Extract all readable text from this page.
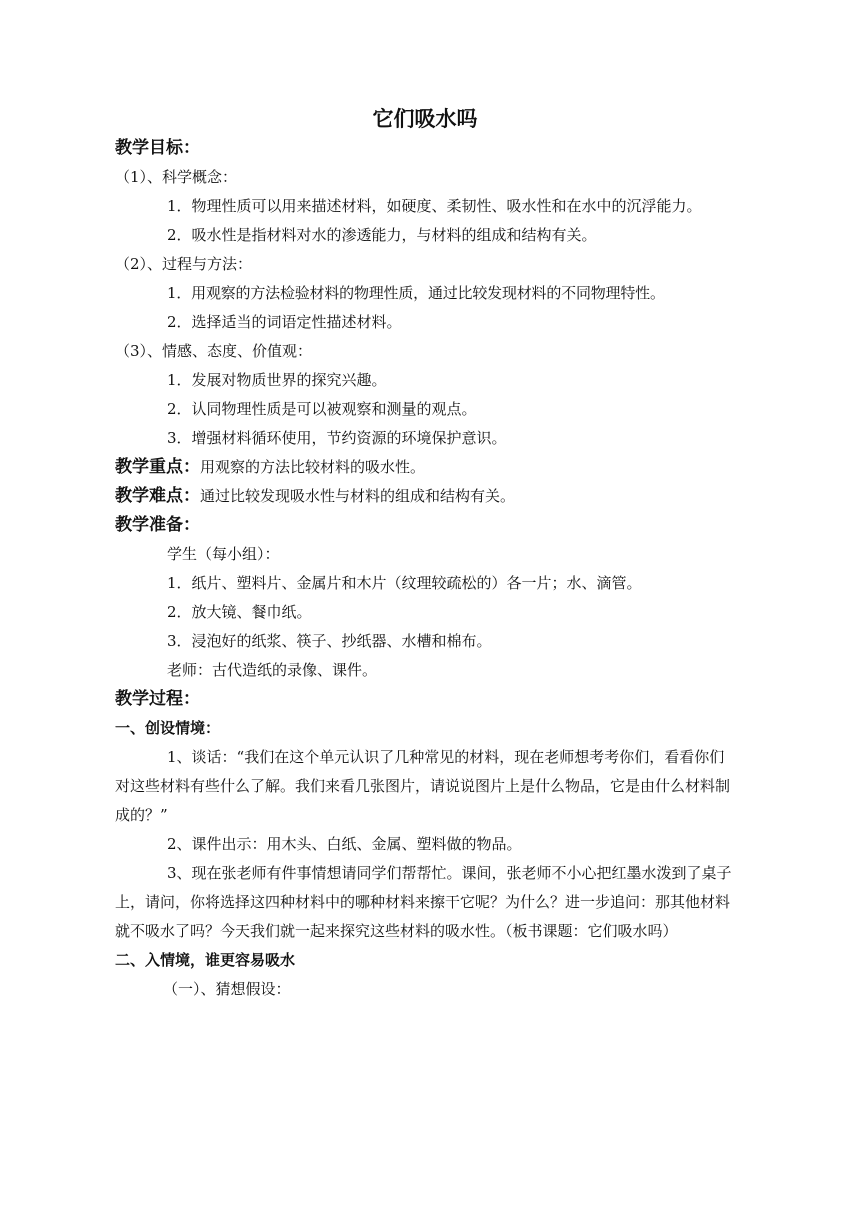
它们吸水吗
教学目标：
（1）、科学概念：
1．物理性质可以用来描述材料，如硬度、柔韧性、吸水性和在水中的沉浮能力。
2．吸水性是指材料对水的渗透能力，与材料的组成和结构有关。
（2）、过程与方法：
1．用观察的方法检验材料的物理性质，通过比较发现材料的不同物理特性。
2．选择适当的词语定性描述材料。
（3）、情感、态度、价值观：
1．发展对物质世界的探究兴趣。
2．认同物理性质是可以被观察和测量的观点。
3．增强材料循环使用，节约资源的环境保护意识。
教学重点：用观察的方法比较材料的吸水性。
教学难点：通过比较发现吸水性与材料的组成和结构有关。
教学准备：
学生（每小组）：
1．纸片、塑料片、金属片和木片（纹理较疏松的）各一片；水、滴管。
2．放大镜、餐巾纸。
3．浸泡好的纸浆、筷子、抄纸器、水槽和棉布。
老师：古代造纸的录像、课件。
教学过程：
一、创设情境：
1、谈话：“我们在这个单元认识了几种常见的材料，现在老师想考考你们，看看你们对这些材料有些什么了解。我们来看几张图片，请说说图片上是什么物品，它是由什么材料制成的？”
2、课件出示：用木头、白纸、金属、塑料做的物品。
3、现在张老师有件事情想请同学们帮帮忙。课间，张老师不小心把红墨水泼到了桌子上，请问，你将选择这四种材料中的哪种材料来擦干它呢？为什么？进一步追问：那其他材料就不吸水了吗？今天我们就一起来探究这些材料的吸水性。（板书课题：它们吸水吗）
二、入情境，谁更容易吸水
（一）、猜想假设：
